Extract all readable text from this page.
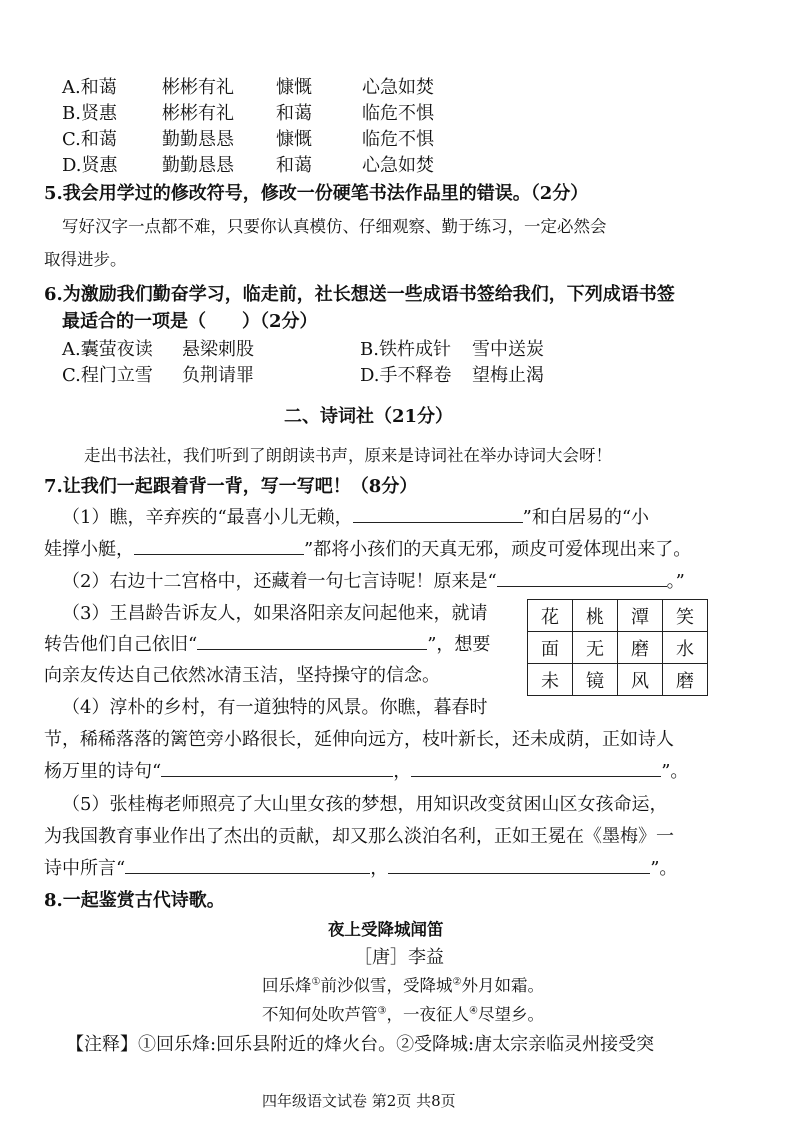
A.和蔼	彬彬有礼 慷慨	心急如焚
B.贤惠	彬彬有礼 和蔼	临危不惧
C.和蔼	勤勤恳恳 慷慨	临危不惧
D.贤惠 勤勤恳恳 和蔼	心急如焚
5.我会用学过的修改符号，修改一份硬笔书法作品里的错误。（2分）
写好汉字一点都不难，只要你认真模仿、仔细观察、勤于练习，一定必然会
取得进步。
6.为激励我们勤奋学习，临走前，社长想送一些成语书签给我们，下列成语书签
最适合的一项是（　　）（2分）
A.囊萤夜读 悬梁刺股	B.铁杵成针 雪中送炭
C.程门立雪 负荆请罪	D.手不释卷 望梅止渴
二、诗词社（21分）
走出书法社，我们听到了朗朗读书声，原来是诗词社在举办诗词大会呀！
7.让我们一起跟着背一背，写一写吧！（8分）
（1）瞧，辛弃疾的“最喜小儿无赖，	”和白居易的“小
娃撑小艇，	”都将小孩们的天真无邪，顽皮可爱体现出来了。
（2）右边十二宫格中，还藏着一句七言诗呢！原来是“	。”
（3）王昌龄告诉友人，如果洛阳亲友问起他来，就请
转告他们自己依旧“	”，想要
向亲友传达自己依然冰清玉洁，坚持操守的信念。
花	桃	潭	笑
面	无	磨	水
未	镜	风	磨
（4）淳朴的乡村，有一道独特的风景。你瞧，暮春时
节，稀稀落落的篱笆旁小路很长，延伸向远方，枝叶新长，还未成荫，正如诗人
杨万里的诗句“	，	”。
（5）张桂梅老师照亮了大山里女孩的梦想，用知识改变贫困山区女孩命运，
为我国教育事业作出了杰出的贡献，却又那么淡泊名利，正如王冕在《墨梅》一
诗中所言“	，	”。
8.一起鉴赏古代诗歌。
夜上受降城闻笛
［唐］李益
回乐烽①前沙似雪，受降城②外月如霜。
不知何处吹芦管③，一夜征人④尽望乡。
【注释】①回乐烽:回乐县附近的烽火台。②受降城:唐太宗亲临灵州接受突
四年级语文试卷 第2页 共8页
